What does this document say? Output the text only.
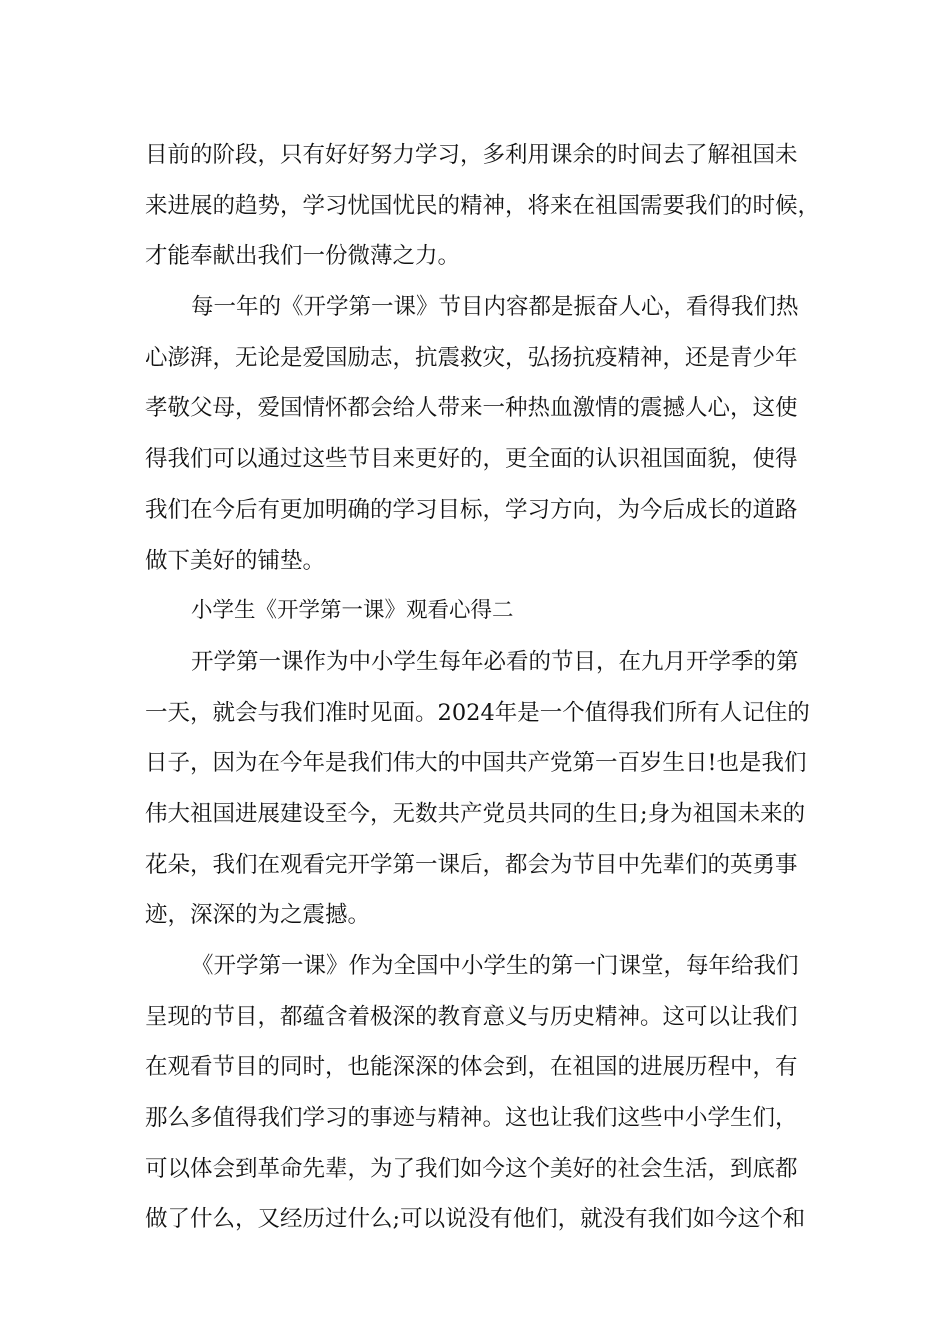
目前的阶段，只有好好努力学习，多利用课余的时间去了解祖国未
来进展的趋势，学习忧国忧民的精神，将来在祖国需要我们的时候，
才能奉献出我们一份微薄之力。
每一年的《开学第一课》节目内容都是振奋人心，看得我们热
心澎湃，无论是爱国励志，抗震救灾，弘扬抗疫精神，还是青少年
孝敬父母，爱国情怀都会给人带来一种热血激情的震撼人心，这使
得我们可以通过这些节目来更好的，更全面的认识祖国面貌，使得
我们在今后有更加明确的学习目标，学习方向，为今后成长的道路
做下美好的铺垫。
小学生《开学第一课》观看心得二
开学第一课作为中小学生每年必看的节目，在九月开学季的第
一天，就会与我们准时见面。2024年是一个值得我们所有人记住的
日子，因为在今年是我们伟大的中国共产党第一百岁生日!也是我们
伟大祖国进展建设至今，无数共产党员共同的生日;身为祖国未来的
花朵，我们在观看完开学第一课后，都会为节目中先辈们的英勇事
迹，深深的为之震撼。
《开学第一课》作为全国中小学生的第一门课堂，每年给我们
呈现的节目，都蕴含着极深的教育意义与历史精神。这可以让我们
在观看节目的同时，也能深深的体会到，在祖国的进展历程中，有
那么多值得我们学习的事迹与精神。这也让我们这些中小学生们，
可以体会到革命先辈，为了我们如今这个美好的社会生活，到底都
做了什么，又经历过什么;可以说没有他们，就没有我们如今这个和
